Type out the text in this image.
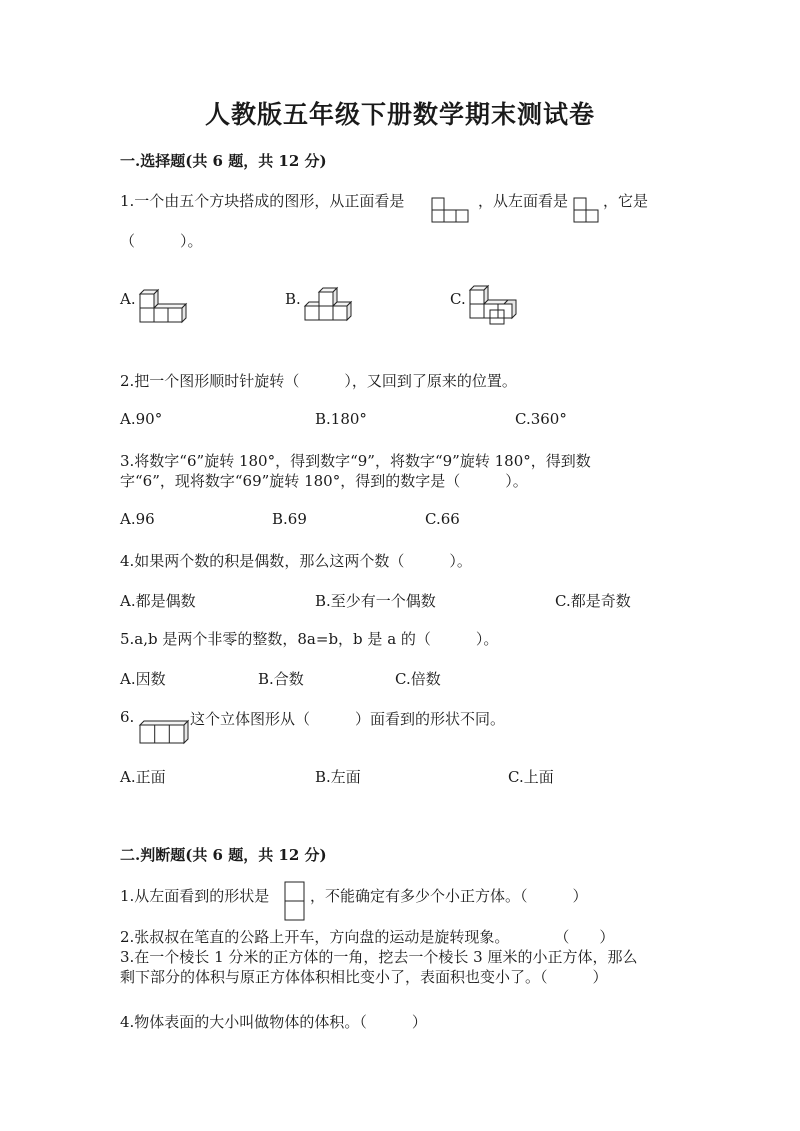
人教版五年级下册数学期末测试卷
一.选择题(共 6 题，共 12 分)
1.一个由五个方块搭成的图形，从正面看是	，从左面看是 ，它是
（　　　）。
A.	B.	C.
2.把一个图形顺时针旋转（　　　），又回到了原来的位置。
A.90°	B.180°	C.360°
3.将数字“6”旋转 180°，得到数字“9”，将数字“9”旋转 180°，得到数
字“6”，现将数字“69”旋转 180°，得到的数字是（　　　）。
A.96	B.69	C.66
4.如果两个数的积是偶数，那么这两个数（　　　）。
A.都是偶数	B.至少有一个偶数	C.都是奇数
5.a,b 是两个非零的整数，8a=b，b 是 a 的（　　　）。
A.因数	B.合数	C.倍数
6.	这个立体图形从（　　　）面看到的形状不同。
A.正面	B.左面	C.上面
二.判断题(共 6 题，共 12 分)
1.从左面看到的形状是	，不能确定有多少个小正方体。（　　　）
2.张叔叔在笔直的公路上开车，方向盘的运动是旋转现象。　　　　（　　）
3.在一个棱长 1 分米的正方体的一角，挖去一个棱长 3 厘米的小正方体，那么
剩下部分的体积与原正方体体积相比变小了，表面积也变小了。（　　　）
4.物体表面的大小叫做物体的体积。（　　　）
